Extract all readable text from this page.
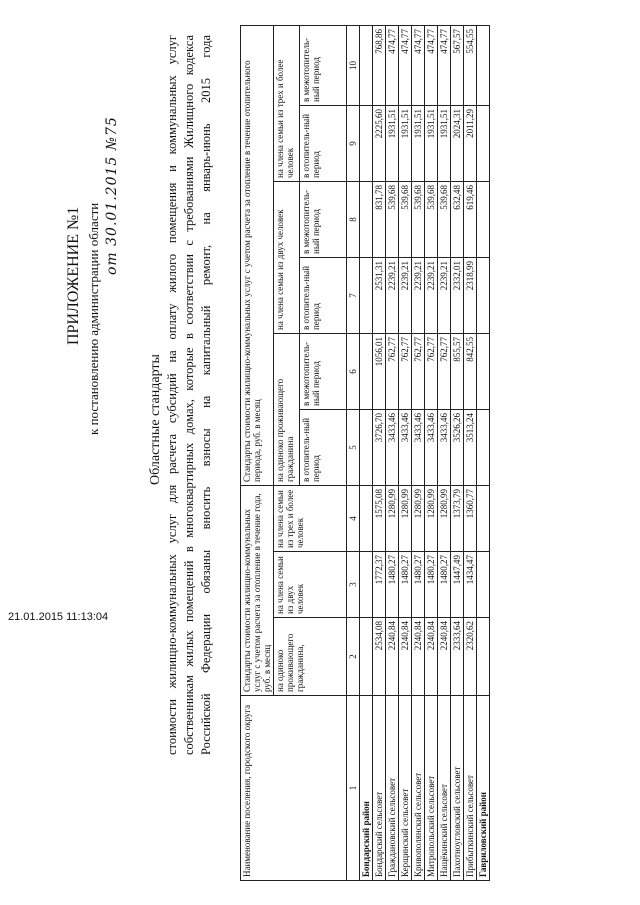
ПРИЛОЖЕНИЕ №1 к постановлению администрации области
от 30.01.2015 №75
Областные стандарты стоимости жилищно-коммунальных услуг для расчета субсидий на оплату жилого помещения и коммунальных услуг собственникам жилых помещений в многоквартирных домах, которые в соответствии с требованиями Жилищного кодекса Российской Федерации обязаны вносить взносы на капитальный ремонт, на январь-июнь 2015 года
Наименование поселения, городского округа	Стандарты стоимости жилищно-коммунальных услуг с учетом расчета за отопление в течение года, руб. в месяц			Стандарты стоимости жилищно-коммунальных услуг с учетом расчета за отопление в течение отопительного периода, руб. в месяц					
	на одиноко проживающего гражданина,	на члена семьи из двух человек	на члена семьи из трех и более человек	на одиноко проживающего гражданина		на члена семьи из двух человек		на члена семьи из трех и более человек	
				в отопитель-ный период	в межотопитель-ный период	в отопитель-ный период	в межотопитель-ный период	в отопитель-ный период	в межотопитель-ный период
1	2	3	4	5	6	7	8	9	10
Бондарский район									
Бондарский сельсовет	2534,08	1772,37	1575,08	3726,70	1056,01	2531,31	831,78	2225,60	768,86
Граждановский сельсовет	2240,84	1480,27	1280,99	3433,46	762,77	2239,21	539,68	1931,51	474,77
Керщинский сельсовет	2240,84	1480,27	1280,99	3433,46	762,77	2239,21	539,68	1931,51	474,77
Кривополянский сельсовет	2240,84	1480,27	1280,99	3433,46	762,77	2239,21	539,68	1931,51	474,77
Митропольский сельсовет	2240,84	1480,27	1280,99	3433,46	762,77	2239,21	539,68	1931,51	474,77
Нащёкинский сельсовет	2240,84	1480,27	1280,99	3433,46	762,77	2239,21	539,68	1931,51	474,77
Пахотноугловский сельсовет	2333,64	1447,49	1373,79	3526,26	855,57	2332,01	632,48	2024,31	567,57
Прибыткинский сельсовет	2320,62	1434,47	1360,77	3513,24	842,55	2318,99	619,46	2011,29	554,55
Гавриловский район									
21.01.2015 11:13:04
